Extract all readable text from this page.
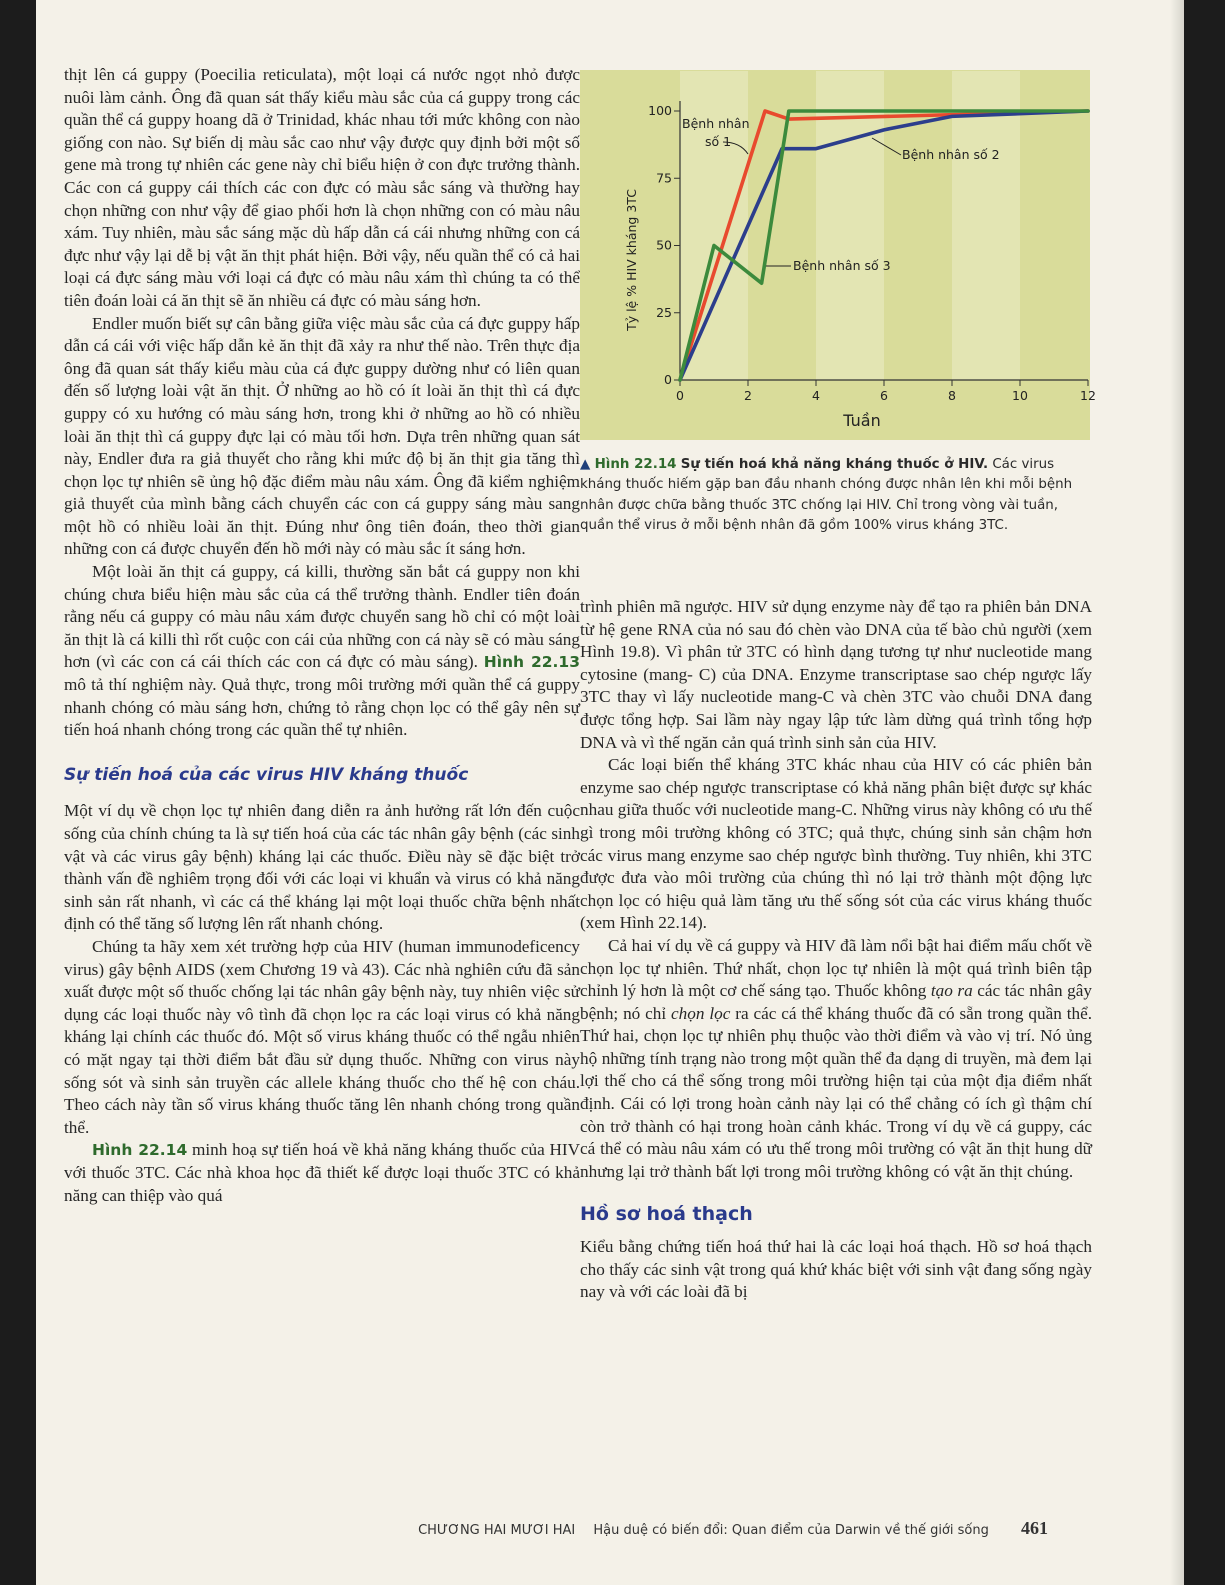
thịt lên cá guppy (Poecilia reticulata), một loại cá nước ngọt nhỏ được nuôi làm cảnh. Ông đã quan sát thấy kiểu màu sắc của cá guppy trong các quần thể cá guppy hoang dã ở Trinidad, khác nhau tới mức không con nào giống con nào. Sự biến dị màu sắc cao như vậy được quy định bởi một số gene mà trong tự nhiên các gene này chỉ biểu hiện ở con đực trưởng thành. Các con cá guppy cái thích các con đực có màu sắc sáng và thường hay chọn những con như vậy để giao phối hơn là chọn những con có màu nâu xám. Tuy nhiên, màu sắc sáng mặc dù hấp dẫn cá cái nhưng những con cá đực như vậy lại dễ bị vật ăn thịt phát hiện. Bởi vậy, nếu quần thể có cả hai loại cá đực sáng màu với loại cá đực có màu nâu xám thì chúng ta có thể tiên đoán loài cá ăn thịt sẽ ăn nhiều cá đực có màu sáng hơn.

Endler muốn biết sự cân bằng giữa việc màu sắc của cá đực guppy hấp dẫn cá cái với việc hấp dẫn kẻ ăn thịt đã xảy ra như thế nào. Trên thực địa ông đã quan sát thấy kiểu màu của cá đực guppy dường như có liên quan đến số lượng loài vật ăn thịt. Ở những ao hồ có ít loài ăn thịt thì cá đực guppy có xu hướng có màu sáng hơn, trong khi ở những ao hồ có nhiều loài ăn thịt thì cá guppy đực lại có màu tối hơn. Dựa trên những quan sát này, Endler đưa ra giả thuyết cho rằng khi mức độ bị ăn thịt gia tăng thì chọn lọc tự nhiên sẽ ủng hộ đặc điểm màu nâu xám. Ông đã kiểm nghiệm giả thuyết của mình bằng cách chuyển các con cá guppy sáng màu sang một hồ có nhiều loài ăn thịt. Đúng như ông tiên đoán, theo thời gian những con cá được chuyển đến hồ mới này có màu sắc ít sáng hơn.

Một loài ăn thịt cá guppy, cá killi, thường săn bắt cá guppy non khi chúng chưa biểu hiện màu sắc của cá thể trưởng thành. Endler tiên đoán rằng nếu cá guppy có màu nâu xám được chuyển sang hồ chỉ có một loài ăn thịt là cá killi thì rốt cuộc con cái của những con cá này sẽ có màu sáng hơn (vì các con cá cái thích các con cá đực có màu sáng). Hình 22.13 mô tả thí nghiệm này. Quả thực, trong môi trường mới quần thể cá guppy nhanh chóng có màu sáng hơn, chứng tỏ rằng chọn lọc có thể gây nên sự tiến hoá nhanh chóng trong các quần thể tự nhiên.

Sự tiến hoá của các virus HIV kháng thuốc

Một ví dụ về chọn lọc tự nhiên đang diễn ra ảnh hưởng rất lớn đến cuộc sống của chính chúng ta là sự tiến hoá của các tác nhân gây bệnh (các sinh vật và các virus gây bệnh) kháng lại các thuốc. Điều này sẽ đặc biệt trở thành vấn đề nghiêm trọng đối với các loại vi khuẩn và virus có khả năng sinh sản rất nhanh, vì các cá thể kháng lại một loại thuốc chữa bệnh nhất định có thể tăng số lượng lên rất nhanh chóng.

Chúng ta hãy xem xét trường hợp của HIV (human immunodeficency virus) gây bệnh AIDS (xem Chương 19 và 43). Các nhà nghiên cứu đã sản xuất được một số thuốc chống lại tác nhân gây bệnh này, tuy nhiên việc sử dụng các loại thuốc này vô tình đã chọn lọc ra các loại virus có khả năng kháng lại chính các thuốc đó. Một số virus kháng thuốc có thể ngẫu nhiên có mặt ngay tại thời điểm bắt đầu sử dụng thuốc. Những con virus này sống sót và sinh sản truyền các allele kháng thuốc cho thế hệ con cháu. Theo cách này tần số virus kháng thuốc tăng lên nhanh chóng trong quần thể.

Hình 22.14 minh hoạ sự tiến hoá về khả năng kháng thuốc của HIV với thuốc 3TC. Các nhà khoa học đã thiết kế được loại thuốc 3TC có khả năng can thiệp vào quá

0	2	4	6	8	10	12
0
25
50
75
100
Tuần
Tỷ lệ % HIV kháng 3TC
Bệnh nhân
số 1
Bệnh nhân số 2
Bệnh nhân số 3
▲ Hình 22.14 Sự tiến hoá khả năng kháng thuốc ở HIV. Các virus kháng thuốc hiếm gặp ban đầu nhanh chóng được nhân lên khi mỗi bệnh nhân được chữa bằng thuốc 3TC chống lại HIV. Chỉ trong vòng vài tuần, quần thể virus ở mỗi bệnh nhân đã gồm 100% virus kháng 3TC.

trình phiên mã ngược. HIV sử dụng enzyme này để tạo ra phiên bản DNA từ hệ gene RNA của nó sau đó chèn vào DNA của tế bào chủ người (xem Hình 19.8). Vì phân tử 3TC có hình dạng tương tự như nucleotide mang cytosine (mang- C) của DNA. Enzyme transcriptase sao chép ngược lấy 3TC thay vì lấy nucleotide mang-C và chèn 3TC vào chuỗi DNA đang được tổng hợp. Sai lầm này ngay lập tức làm dừng quá trình tổng hợp DNA và vì thế ngăn cản quá trình sinh sản của HIV.

Các loại biến thể kháng 3TC khác nhau của HIV có các phiên bản enzyme sao chép ngược transcriptase có khả năng phân biệt được sự khác nhau giữa thuốc với nucleotide mang-C. Những virus này không có ưu thế gì trong môi trường không có 3TC; quả thực, chúng sinh sản chậm hơn các virus mang enzyme sao chép ngược bình thường. Tuy nhiên, khi 3TC được đưa vào môi trường của chúng thì nó lại trở thành một động lực chọn lọc có hiệu quả làm tăng ưu thế sống sót của các virus kháng thuốc (xem Hình 22.14).

Cả hai ví dụ về cá guppy và HIV đã làm nổi bật hai điểm mấu chốt về chọn lọc tự nhiên. Thứ nhất, chọn lọc tự nhiên là một quá trình biên tập chỉnh lý hơn là một cơ chế sáng tạo. Thuốc không tạo ra các tác nhân gây bệnh; nó chỉ chọn lọc ra các cá thể kháng thuốc đã có sẵn trong quần thể. Thứ hai, chọn lọc tự nhiên phụ thuộc vào thời điểm và vào vị trí. Nó ủng hộ những tính trạng nào trong một quần thể đa dạng di truyền, mà đem lại lợi thế cho cá thể sống trong môi trường hiện tại của một địa điểm nhất định. Cái có lợi trong hoàn cảnh này lại có thể chẳng có ích gì thậm chí còn trở thành có hại trong hoàn cảnh khác. Trong ví dụ về cá guppy, các cá thể có màu nâu xám có ưu thế trong môi trường có vật ăn thịt hung dữ nhưng lại trở thành bất lợi trong môi trường không có vật ăn thịt chúng.

Hồ sơ hoá thạch

Kiểu bằng chứng tiến hoá thứ hai là các loại hoá thạch. Hồ sơ hoá thạch cho thấy các sinh vật trong quá khứ khác biệt với sinh vật đang sống ngày nay và với các loài đã bị

CHƯƠNG HAI MƯƠI HAI Hậu duệ có biến đổi: Quan điểm của Darwin về thế giới sống 461
